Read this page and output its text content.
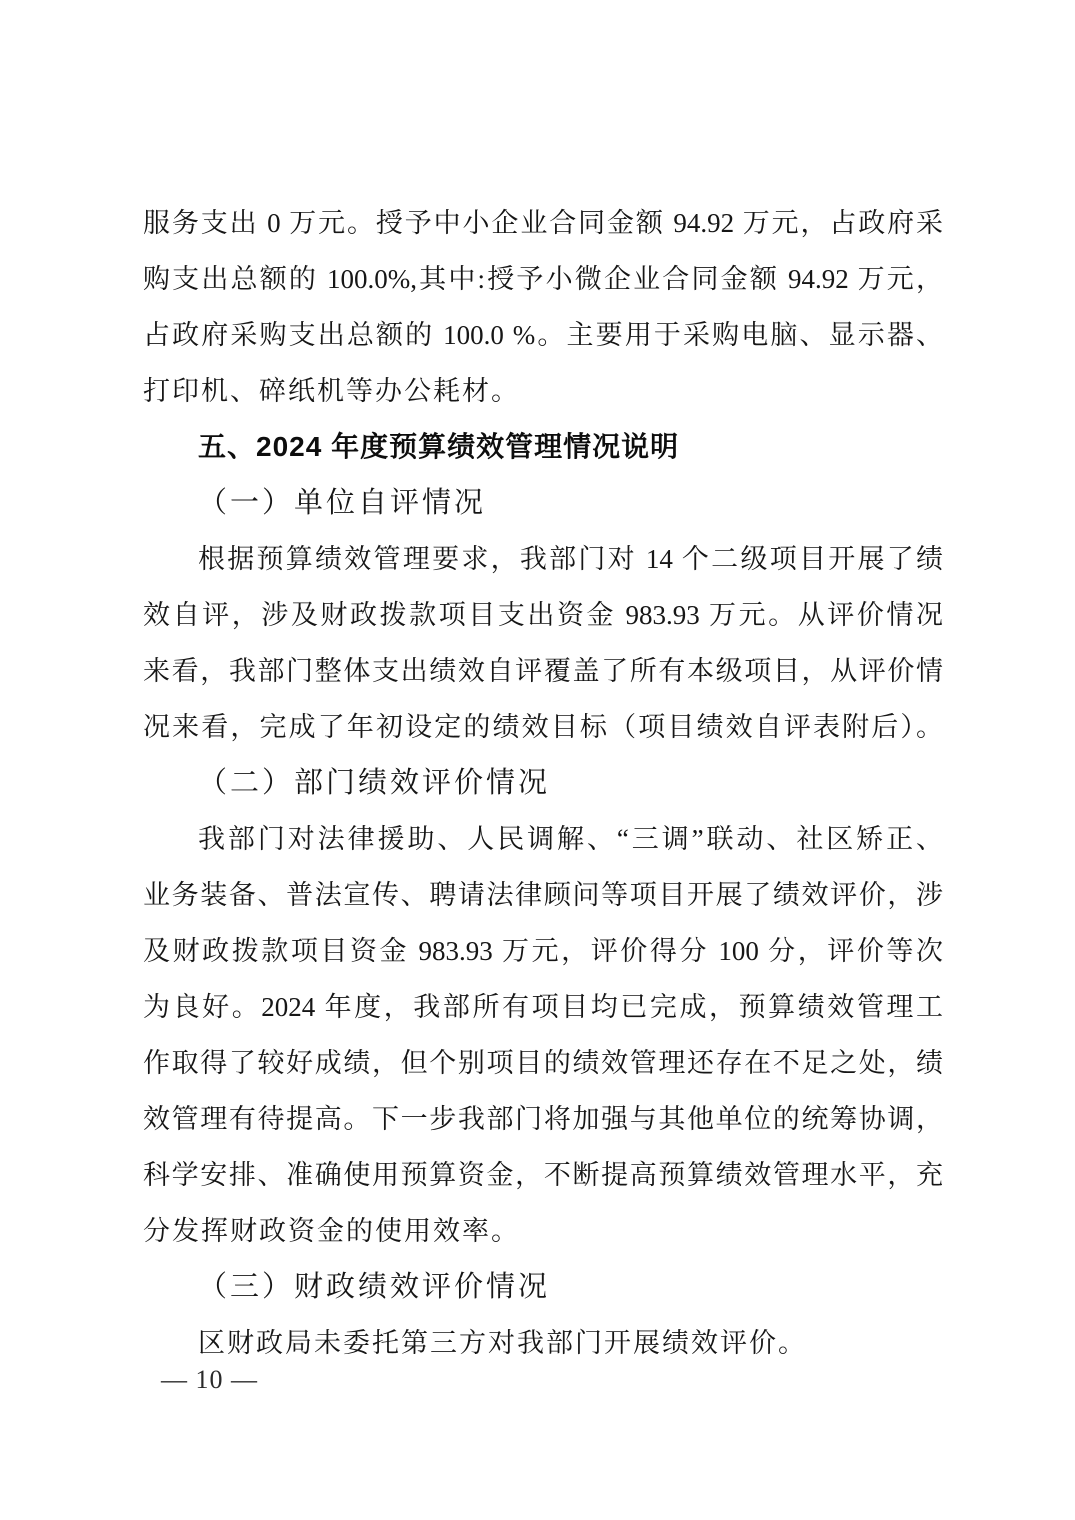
服务支出 0 万元。授予中小企业合同金额 94.92 万元，占政府采
购支出总额的 100.0%,其中:授予小微企业合同金额 94.92 万元，
占政府采购支出总额的 100.0 %。主要用于采购电脑、显示器、
打印机、碎纸机等办公耗材。
五、2024 年度预算绩效管理情况说明
（一）单位自评情况
根据预算绩效管理要求，我部门对 14 个二级项目开展了绩
效自评，涉及财政拨款项目支出资金 983.93 万元。从评价情况
来看，我部门整体支出绩效自评覆盖了所有本级项目，从评价情
况来看，完成了年初设定的绩效目标（项目绩效自评表附后）。
（二）部门绩效评价情况
我部门对法律援助、人民调解、“三调”联动、社区矫正、
业务装备、普法宣传、聘请法律顾问等项目开展了绩效评价，涉
及财政拨款项目资金 983.93 万元，评价得分 100 分，评价等次
为良好。2024 年度，我部所有项目均已完成，预算绩效管理工
作取得了较好成绩，但个别项目的绩效管理还存在不足之处，绩
效管理有待提高。下一步我部门将加强与其他单位的统筹协调，
科学安排、准确使用预算资金，不断提高预算绩效管理水平，充
分发挥财政资金的使用效率。
（三）财政绩效评价情况
区财政局未委托第三方对我部门开展绩效评价。
— 10 —
